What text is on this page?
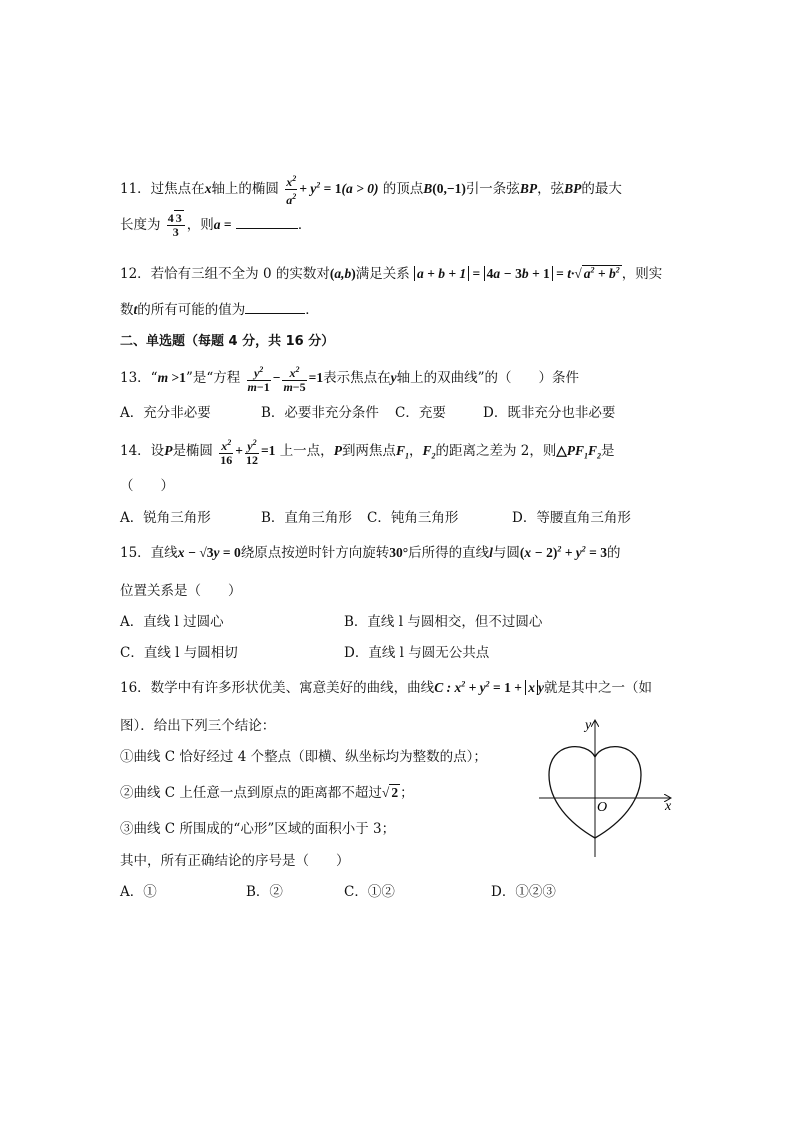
11．过焦点在x轴上的椭圆 $\frac{x^2}{a^2} + y^2 = 1(a > 0)$ 的顶点B(0,−1)引一条弦BP，弦BP的最大
长度为 $\frac{4 3}{3}$ ，则a =	．
12．若恰有三组不全为 0 的实数对(a,b)满足关系 a + b + 1 = 4a − 3b + 1 = t·√ $a^2 + b^2$ ，则实
数t的所有可能的值为	．
二、单选题（每题 4 分，共 16 分）
13．“m >1”是“方程 $\frac{y^2}{m-1} - \frac{x^2}{m-5} =1$表示焦点在y轴上的双曲线”的（　　）条件
A．充分非必要	B．必要非充分条件 C．充要	D．既非充分也非必要
14．设P是椭圆 $\frac{x^2}{16} + \frac{y^2}{12} =1$ 上一点，P到两焦点$F_1$，$F_2$的距离之差为 2，则$\triangle PF_1F_2$是
（　　）
A．锐角三角形	B．直角三角形 C．钝角三角形	D．等腰直角三角形
15．直线x − √3y = 0绕原点按逆时针方向旋转30°后所得的直线l与圆$(x - 2)^2 + y^2 = 3$的
位置关系是（　　）
A．直线 l 过圆心	B．直线 l 与圆相交，但不过圆心
C．直线 l 与圆相切	D．直线 l 与圆无公共点
16．数学中有许多形状优美、寓意美好的曲线，曲线C : $x^2 + y^2 = 1 + x$ y就是其中之一（如
图）．给出下列三个结论：
①曲线 C 恰好经过 4 个整点（即横、纵坐标均为整数的点）；
②曲线 C 上任意一点到原点的距离都不超过√ 2 ；
③曲线 C 所围成的“心形”区域的面积小于 3；
其中，所有正确结论的序号是（　　）
A．①	B．②	C．①②	D．①②③
x
y
O
